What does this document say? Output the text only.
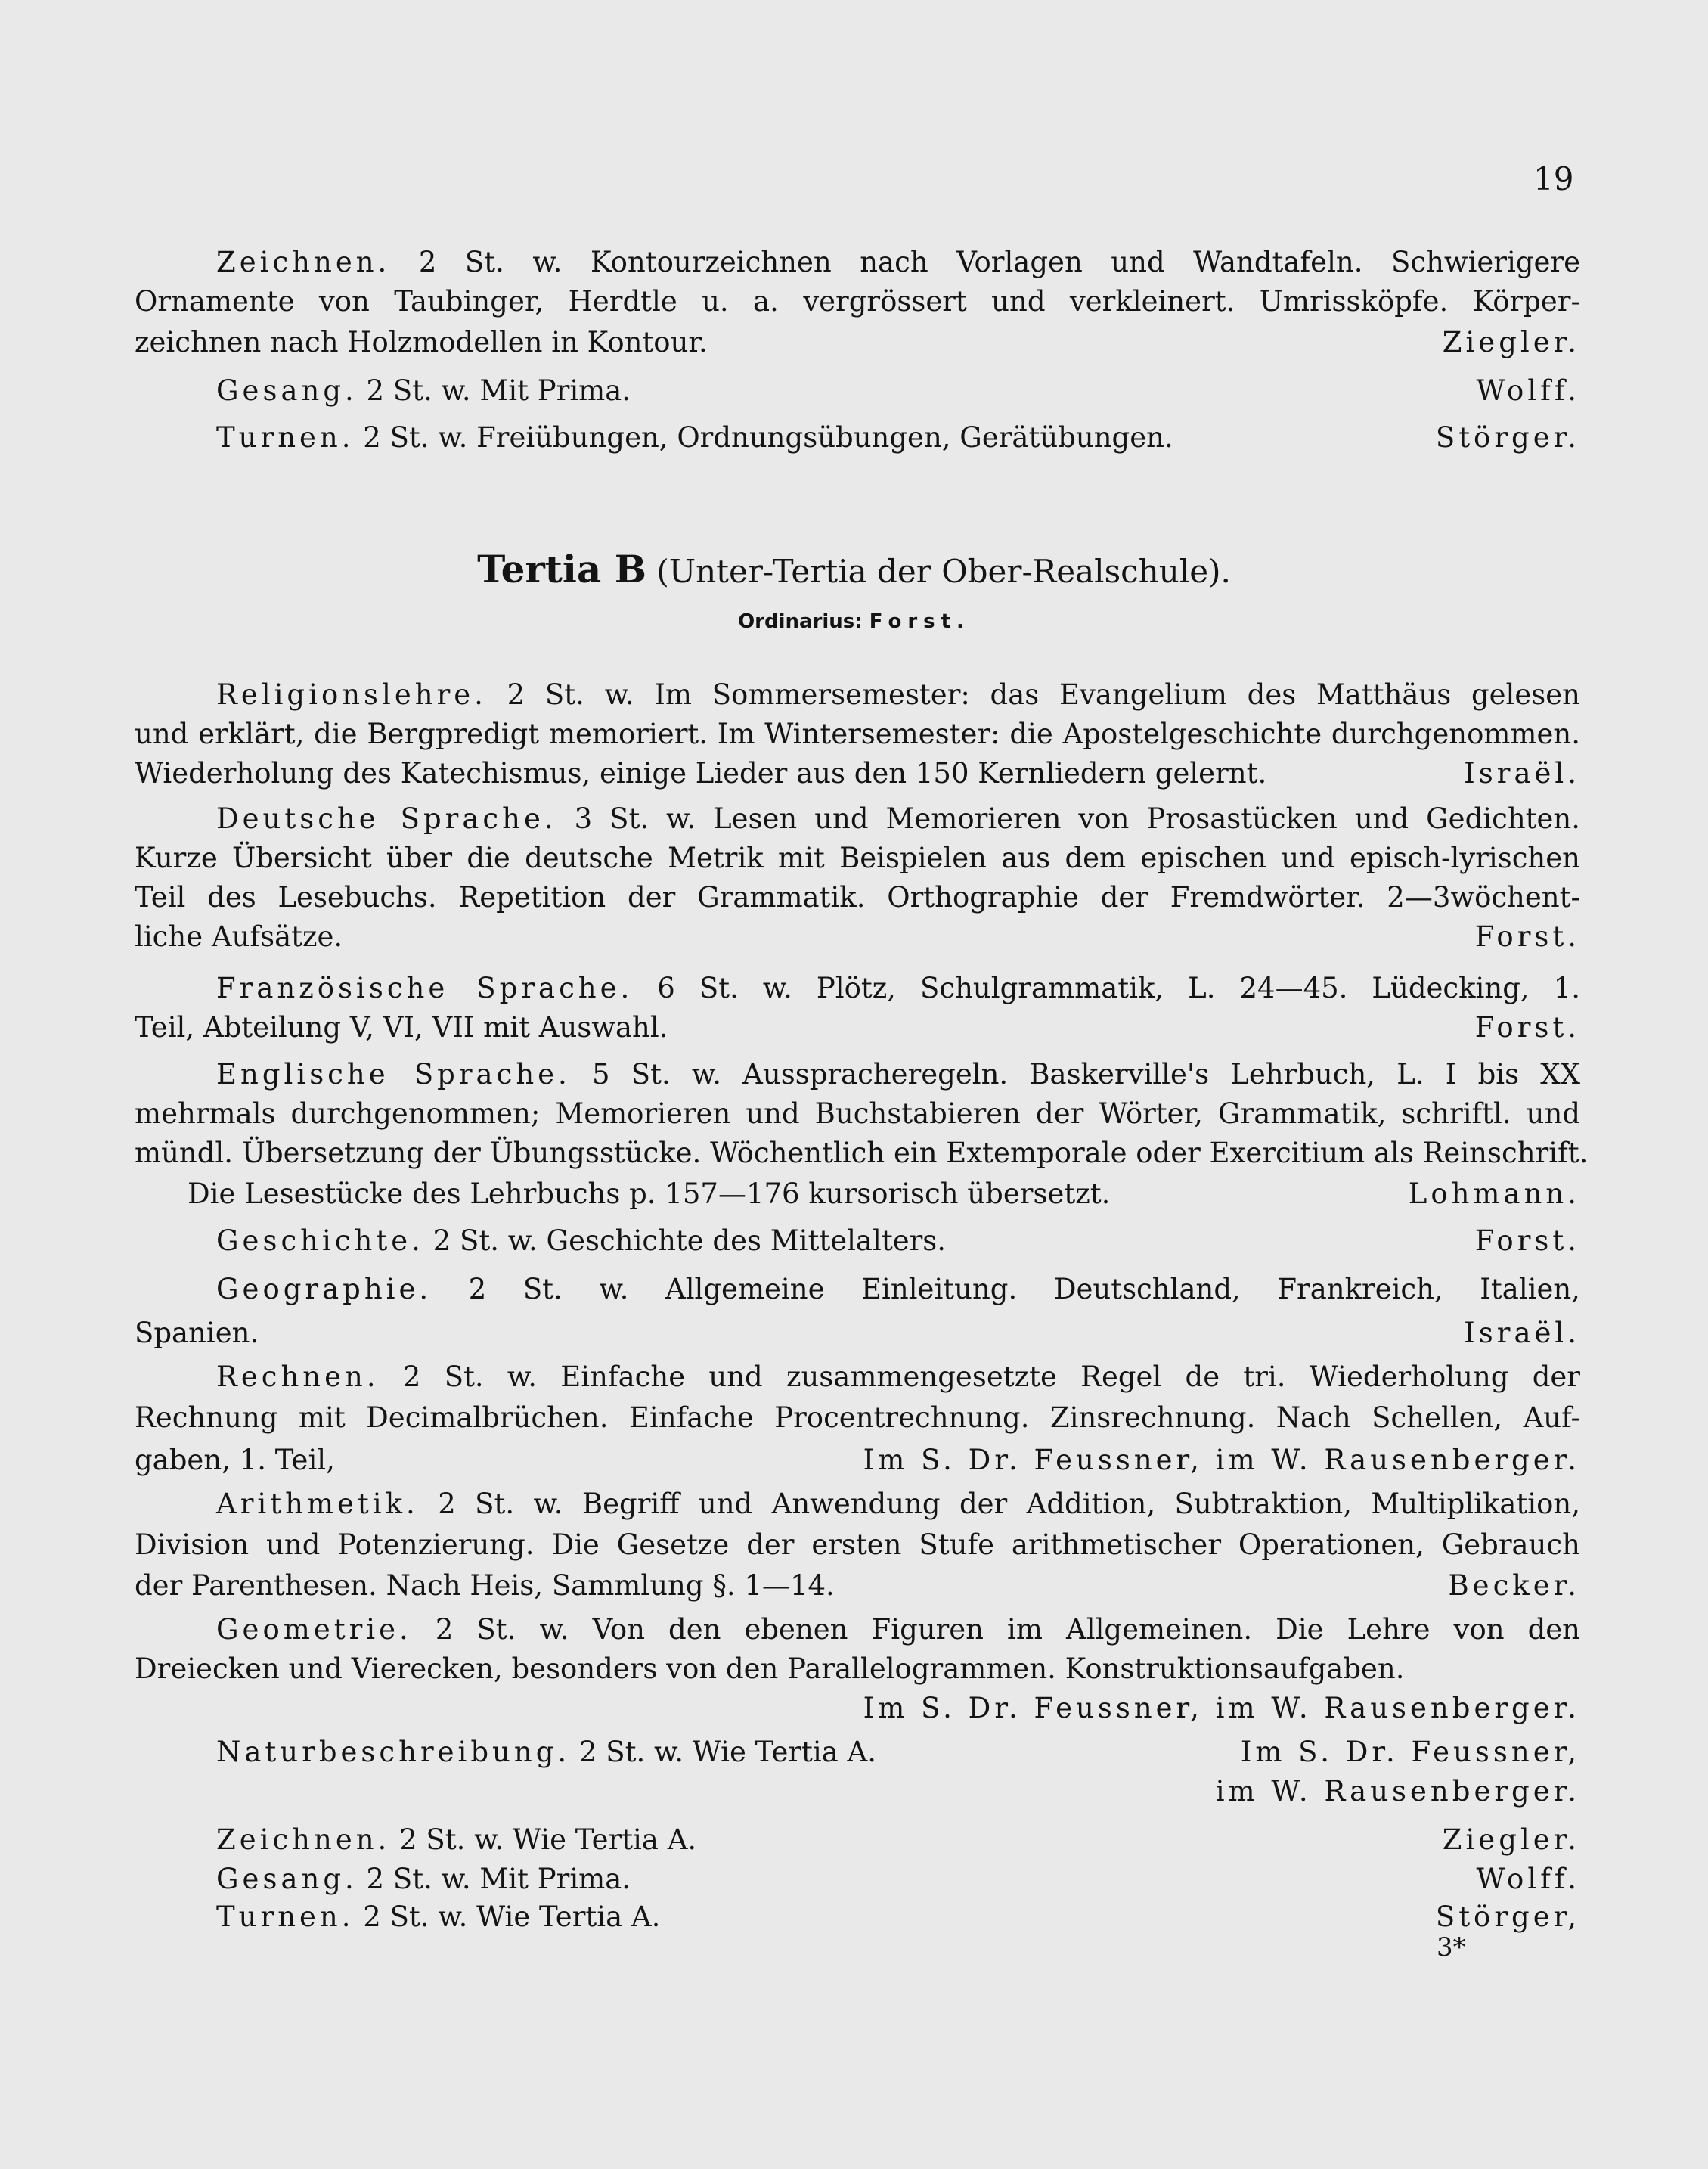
19
Zeichnen. 2 St. w. Kontourzeichnen nach Vorlagen und Wandtafeln. Schwierigere
Ornamente von Taubinger, Herdtle u. a. vergrössert und verkleinert. Umrissköpfe. Körper-
zeichnen nach Holzmodellen in Kontour.	Ziegler.
Gesang. 2 St. w. Mit Prima.	Wolff.
Turnen. 2 St. w. Freiübungen, Ordnungsübungen, Gerätübungen.	Störger.
Tertia B (Unter-Tertia der Ober-Realschule).
Ordinarius: Forst.
Religionslehre. 2 St. w. Im Sommersemester: das Evangelium des Matthäus gelesen
und erklärt, die Bergpredigt memoriert. Im Wintersemester: die Apostelgeschichte durchgenommen.
Wiederholung des Katechismus, einige Lieder aus den 150 Kernliedern gelernt.	Israël.
Deutsche Sprache. 3 St. w. Lesen und Memorieren von Prosastücken und Gedichten.
Kurze Übersicht über die deutsche Metrik mit Beispielen aus dem epischen und episch-lyrischen
Teil des Lesebuchs. Repetition der Grammatik. Orthographie der Fremdwörter. 2—3wöchent-
liche Aufsätze.	Forst.
Französische Sprache. 6 St. w. Plötz, Schulgrammatik, L. 24—45. Lüdecking, 1.
Teil, Abteilung V, VI, VII mit Auswahl.	Forst.
Englische Sprache. 5 St. w. Ausspracheregeln. Baskerville's Lehrbuch, L. I bis XX
mehrmals durchgenommen; Memorieren und Buchstabieren der Wörter, Grammatik, schriftl. und
mündl. Übersetzung der Übungsstücke. Wöchentlich ein Extemporale oder Exercitium als Reinschrift.
Die Lesestücke des Lehrbuchs p. 157—176 kursorisch übersetzt.	Lohmann.
Geschichte. 2 St. w. Geschichte des Mittelalters.	Forst.
Geographie. 2 St. w. Allgemeine Einleitung. Deutschland, Frankreich, Italien,
Spanien.	Israël.
Rechnen. 2 St. w. Einfache und zusammengesetzte Regel de tri. Wiederholung der
Rechnung mit Decimalbrüchen. Einfache Procentrechnung. Zinsrechnung. Nach Schellen, Auf-
gaben, 1. Teil,	Im S. Dr. Feussner, im W. Rausenberger.
Arithmetik. 2 St. w. Begriff und Anwendung der Addition, Subtraktion, Multiplikation,
Division und Potenzierung. Die Gesetze der ersten Stufe arithmetischer Operationen, Gebrauch
der Parenthesen. Nach Heis, Sammlung §. 1—14.	Becker.
Geometrie. 2 St. w. Von den ebenen Figuren im Allgemeinen. Die Lehre von den
Dreiecken und Vierecken, besonders von den Parallelogrammen. Konstruktionsaufgaben.
Im S. Dr. Feussner, im W. Rausenberger.
Naturbeschreibung. 2 St. w. Wie Tertia A.	Im S. Dr. Feussner,
im W. Rausenberger.
Zeichnen. 2 St. w. Wie Tertia A.	Ziegler.
Gesang. 2 St. w. Mit Prima.	Wolff.
Turnen. 2 St. w. Wie Tertia A.	Störger,
3*
